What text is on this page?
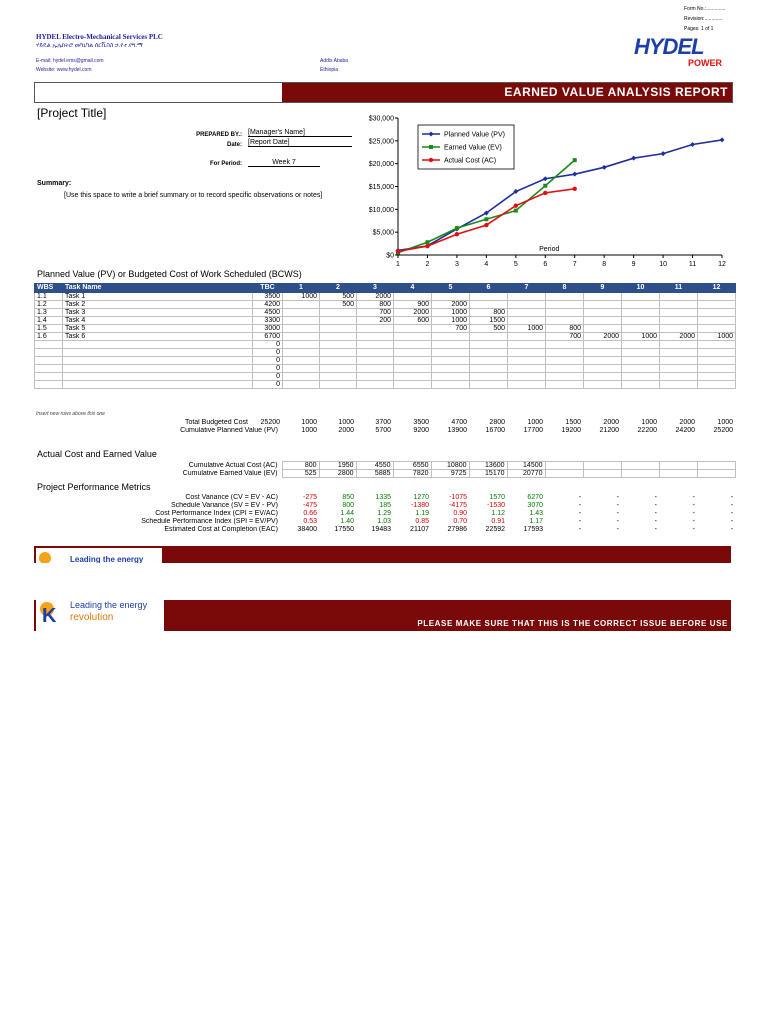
Form No.:..............
Revision:.............
Pages: 1 of 1
HYDEL Electro-Mechanical Services PLC
ሃይዴል ኢሌክትሮ መካኒካል ሰርቪስስ ኃ.የተ.የግ.ማ
E-mail: hydel.ems@gmail.com
Website: www.hydel.com
Addis Ababa
Ethiopia
HYDEL
POWER
EARNED VALUE ANALYSIS REPORT
[Project Title]
PREPARED BY.: [Manager's Name]
Date: [Report Date]
For Period:	Week 7
Summary:
[Use this space to write a brief summary or to record specific observations or notes]
$0
$5,000
$10,000
$15,000
$20,000
$25,000
$30,000
1	2	3	4	5	6	7	8	9	10	11	12
Period
Planned Value (PV)
Earned Value (EV)
Actual Cost (AC)
Planned Value (PV) or Budgeted Cost of Work Scheduled (BCWS)
WBS	Task Name	TBC	1	2	3	4	5	6	7	8	9	10	11	12
1.1	Task 1	3500	1000	500	2000									
1.2	Task 2	4200		500	800	900	2000							
1.3	Task 3	4500			700	2000	1000	800						
1.4	Task 4	3300			200	600	1000	1500						
1.5	Task 5	3000					700	500	1000	800				
1.6	Task 6	6700								700	2000	1000	2000	1000
		0												
		0												
		0												
		0												
		0												
		0												
Insert new rows above this one
Total Budgeted Cost	25200	1000	1000	3700	3500	4700	2800	1000	1500	2000	1000	2000	1000
Cumulative Planned Value (PV)		1000	2000	5700	9200	13900	16700	17700	19200	21200	22200	24200	25200
Actual Cost and Earned Value
Cumulative Actual Cost (AC)	800	1950	4550	6550	10800	13600	14500					
Cumulative Earned Value (EV)	525	2800	5885	7820	9725	15170	20770					
Project Performance Metrics
Cost Variance (CV = EV - AC)	-275	850	1335	1270	-1075	1570	6270	-	-	-	-	-
Schedule Variance (SV = EV - PV)	-475	800	185	-1380	-4175	-1530	3070	-	-	-	-	-
Cost Performance Index (CPI = EV/AC)	0.66	1.44	1.29	1.19	0.90	1.12	1.43	-	-	-	-	-
Schedule Performance Index (SPI = EV/PV)	0.53	1.40	1.03	0.85	0.70	0.91	1.17	-	-	-	-	-
Estimated Cost at Completion (EAC)	38400	17550	19483	21107	27986	22592	17593	-	-	-	-	-
Leading the energy
K Leading the energy
revolution
PLEASE MAKE SURE THAT THIS IS THE CORRECT ISSUE BEFORE USE
